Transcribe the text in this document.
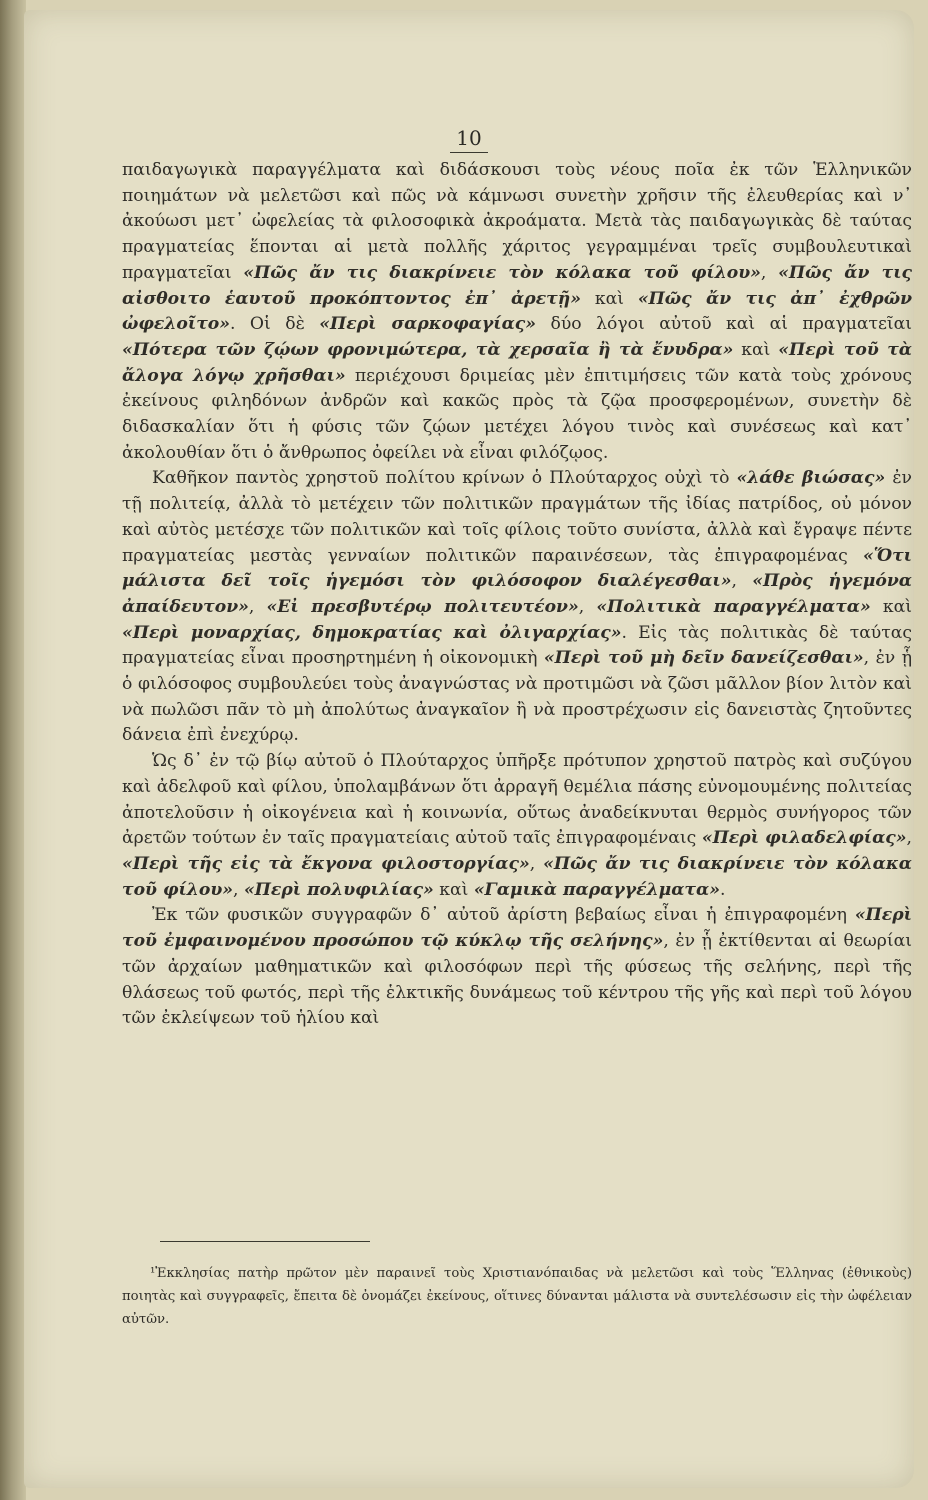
10

παιδαγωγικὰ παραγγέλματα καὶ διδάσκουσι τοὺς νέους ποῖα ἐκ τῶν Ἑλληνικῶν ποιημάτων νὰ μελετῶσι καὶ πῶς νὰ κάμνωσι συνετὴν χρῆσιν τῆς ἐλευθερίας καὶ ν᾽ ἀκούωσι μετ᾽ ὠφελείας τὰ φιλοσοφικὰ ἀκροάματα. Μετὰ τὰς παιδαγωγικὰς δὲ ταύτας πραγματείας ἕπονται αἱ μετὰ πολλῆς χάριτος γεγραμμέναι τρεῖς συμβουλευτικαὶ πραγματεῖαι «Πῶς ἄν τις διακρίνειε τὸν κόλακα τοῦ φίλου», «Πῶς ἄν τις αἰσθοιτο ἑαυτοῦ προκόπτοντος ἐπ᾽ ἀρετῇ» καὶ «Πῶς ἄν τις ἀπ᾽ ἐχθρῶν ὠφελοῖτο». Οἱ δὲ «Περὶ σαρκοφαγίας» δύο λόγοι αὐτοῦ καὶ αἱ πραγματεῖαι «Πότερα τῶν ζῴων φρονιμώτερα, τὰ χερσαῖα ἢ τὰ ἔνυδρα» καὶ «Περὶ τοῦ τὰ ἄλογα λόγῳ χρῆσθαι» περιέχουσι δριμείας μὲν ἐπιτιμήσεις τῶν κατὰ τοὺς χρόνους ἐκείνους φιληδόνων ἀνδρῶν καὶ κακῶς πρὸς τὰ ζῷα προσφερομένων, συνετὴν δὲ διδασκαλίαν ὅτι ἡ φύσις τῶν ζῴων μετέχει λόγου τινὸς καὶ συνέσεως καὶ κατ᾽ ἀκολουθίαν ὅτι ὁ ἄνθρωπος ὀφείλει νὰ εἶναι φιλόζῳος.

Καθῆκον παντὸς χρηστοῦ πολίτου κρίνων ὁ Πλούταρχος οὐχὶ τὸ «λάθε βιώσας» ἐν τῇ πολιτείᾳ, ἀλλὰ τὸ μετέχειν τῶν πολιτικῶν πραγμάτων τῆς ἰδίας πατρίδος, οὐ μόνον καὶ αὐτὸς μετέσχε τῶν πολιτικῶν καὶ τοῖς φίλοις τοῦτο συνίστα, ἀλλὰ καὶ ἔγραψε πέντε πραγματείας μεστὰς γενναίων πολιτικῶν παραινέσεων, τὰς ἐπιγραφομένας «Ὅτι μάλιστα δεῖ τοῖς ἡγεμόσι τὸν φιλόσοφον διαλέγεσθαι», «Πρὸς ἡγεμόνα ἀπαίδευτον», «Εἰ πρεσβυτέρῳ πολιτευτέον», «Πολιτικὰ παραγγέλματα» καὶ «Περὶ μοναρχίας, δημοκρατίας καὶ ὀλιγαρχίας». Εἰς τὰς πολιτικὰς δὲ ταύτας πραγματείας εἶναι προσηρτημένη ἡ οἰκονομικὴ «Περὶ τοῦ μὴ δεῖν δανείζεσθαι», ἐν ᾗ ὁ φιλόσοφος συμβουλεύει τοὺς ἀναγνώστας νὰ προτιμῶσι νὰ ζῶσι μᾶλλον βίον λιτὸν καὶ νὰ πωλῶσι πᾶν τὸ μὴ ἀπολύτως ἀναγκαῖον ἢ νὰ προστρέχωσιν εἰς δανειστὰς ζητοῦντες δάνεια ἐπὶ ἐνεχύρῳ.

Ὡς δ᾽ ἐν τῷ βίῳ αὐτοῦ ὁ Πλούταρχος ὑπῆρξε πρότυπον χρηστοῦ πατρὸς καὶ συζύγου καὶ ἀδελφοῦ καὶ φίλου, ὑπολαμβάνων ὅτι ἀρραγῆ θεμέλια πάσης εὐνομουμένης πολιτείας ἀποτελοῦσιν ἡ οἰκογένεια καὶ ἡ κοινωνία, οὕτως ἀναδείκνυται θερμὸς συνήγορος τῶν ἀρετῶν τούτων ἐν ταῖς πραγματείαις αὐτοῦ ταῖς ἐπιγραφομέναις «Περὶ φιλαδελφίας», «Περὶ τῆς εἰς τὰ ἔκγονα φιλοστοργίας», «Πῶς ἄν τις διακρίνειε τὸν κόλακα τοῦ φίλου», «Περὶ πολυφιλίας» καὶ «Γαμικὰ παραγγέλματα».

Ἐκ τῶν φυσικῶν συγγραφῶν δ᾽ αὐτοῦ ἀρίστη βεβαίως εἶναι ἡ ἐπιγραφομένη «Περὶ τοῦ ἐμφαινομένου προσώπου τῷ κύκλῳ τῆς σελήνης», ἐν ᾗ ἐκτίθενται αἱ θεωρίαι τῶν ἀρχαίων μαθηματικῶν καὶ φιλοσόφων περὶ τῆς φύσεως τῆς σελήνης, περὶ τῆς θλάσεως τοῦ φωτός, περὶ τῆς ἑλκτικῆς δυνάμεως τοῦ κέντρου τῆς γῆς καὶ περὶ τοῦ λόγου τῶν ἐκλείψεων τοῦ ἡλίου καὶ

¹Ἐκκλησίας πατὴρ πρῶτον μὲν παραινεῖ τοὺς Χριστιανόπαιδας νὰ μελετῶσι καὶ τοὺς Ἕλληνας (ἐθνικοὺς) ποιητὰς καὶ συγγραφεῖς, ἔπειτα δὲ ὀνομάζει ἐκείνους, οἵτινες δύνανται μάλιστα νὰ συντελέσωσιν εἰς τὴν ὠφέλειαν αὐτῶν.
